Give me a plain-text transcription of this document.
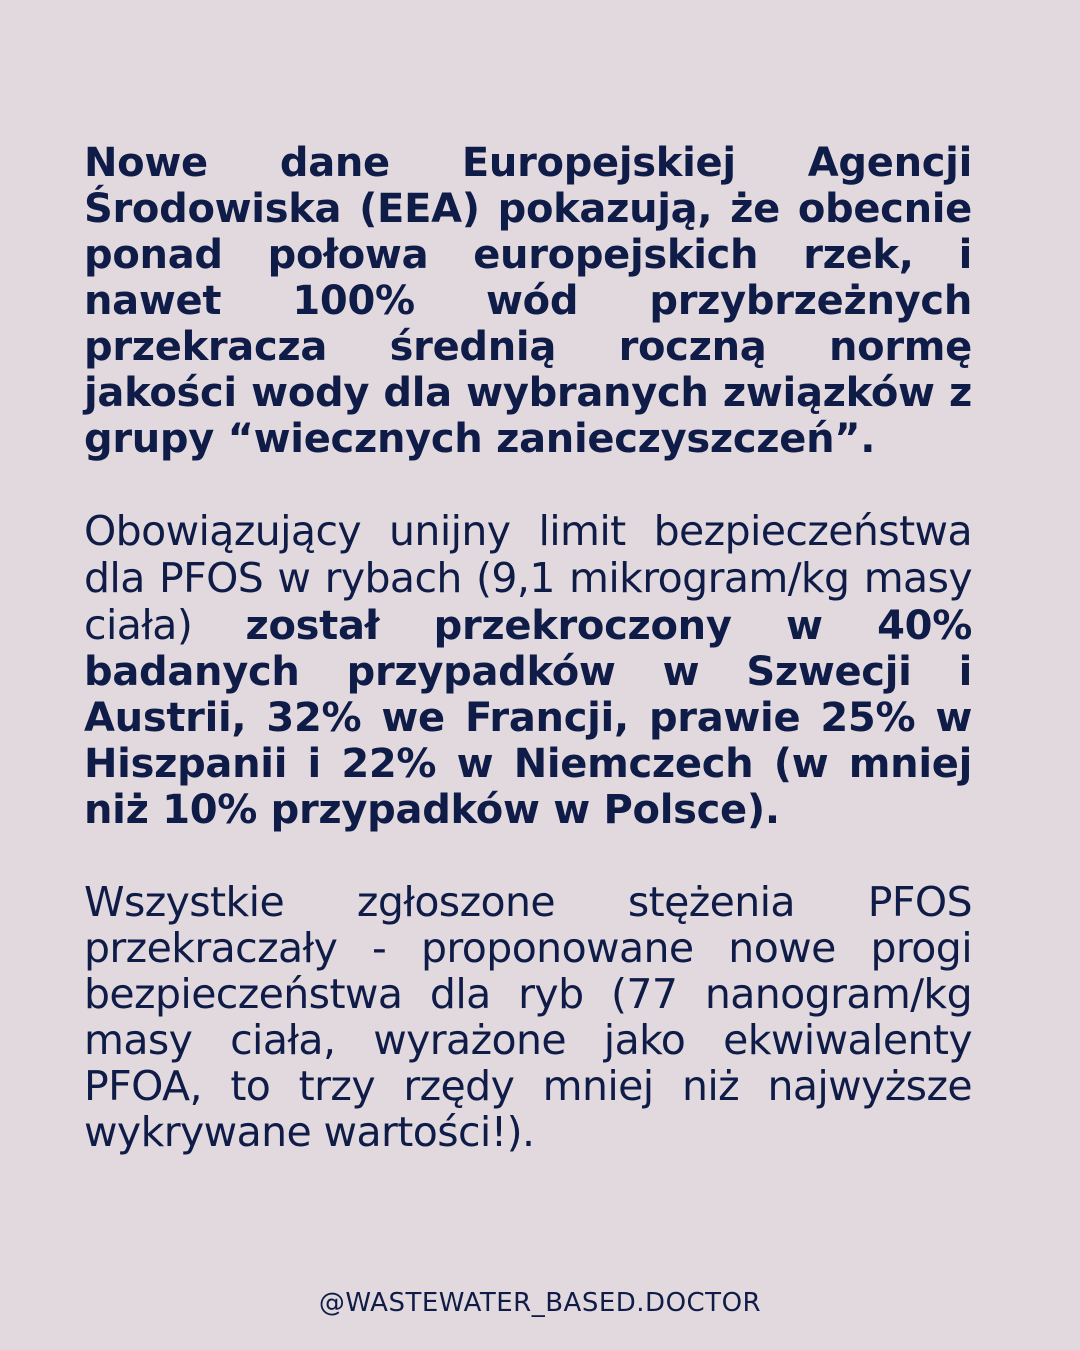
Nowe dane Europejskiej Agencji Środowiska (EEA) pokazują, że obecnie ponad połowa europejskich rzek, i nawet 100% wód przybrzeżnych przekracza średnią roczną normę jakości wody dla wybranych związków z grupy “wiecznych zanieczyszczeń”.

Obowiązujący unijny limit bezpieczeństwa dla PFOS w rybach (9,1 mikrogram/kg masy ciała) został przekroczony w 40% badanych przypadków w Szwecji i Austrii, 32% we Francji, prawie 25% w Hiszpanii i 22% w Niemczech (w mniej niż 10% przypadków w Polsce).

Wszystkie zgłoszone stężenia PFOS przekraczały - proponowane nowe progi bezpieczeństwa dla ryb (77 nanogram/kg masy ciała, wyrażone jako ekwiwalenty PFOA, to trzy rzędy mniej niż najwyższe wykrywane wartości!).

@WASTEWATER_BASED.DOCTOR
